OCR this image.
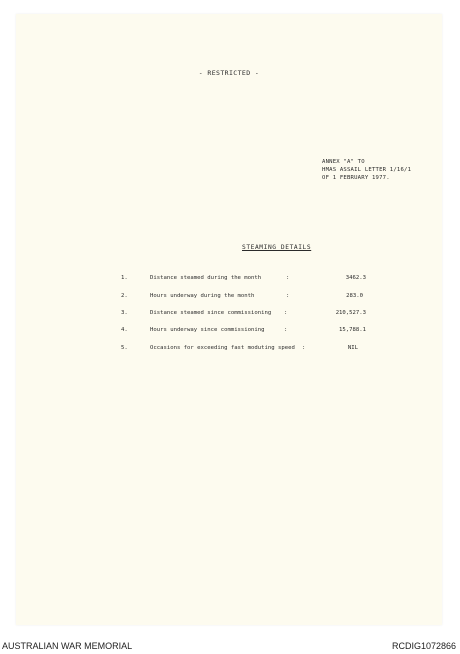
- RESTRICTED -
ANNEX "A" TO
HMAS ASSAIL LETTER 1/16/1
OF 1 FEBRUARY 1977.
STEAMING DETAILS
1.	Distance steamed during the month	:	3462.3
2.	Hours underway during the month	:	283.0
3.	Distance steamed since commissioning :	210,527.3
4.	Hours underway since commissioning	:	15,788.1
5.	Occasions for exceeding fast moduting speed :	NIL
AUSTRALIAN WAR MEMORIAL	RCDIG1072866
